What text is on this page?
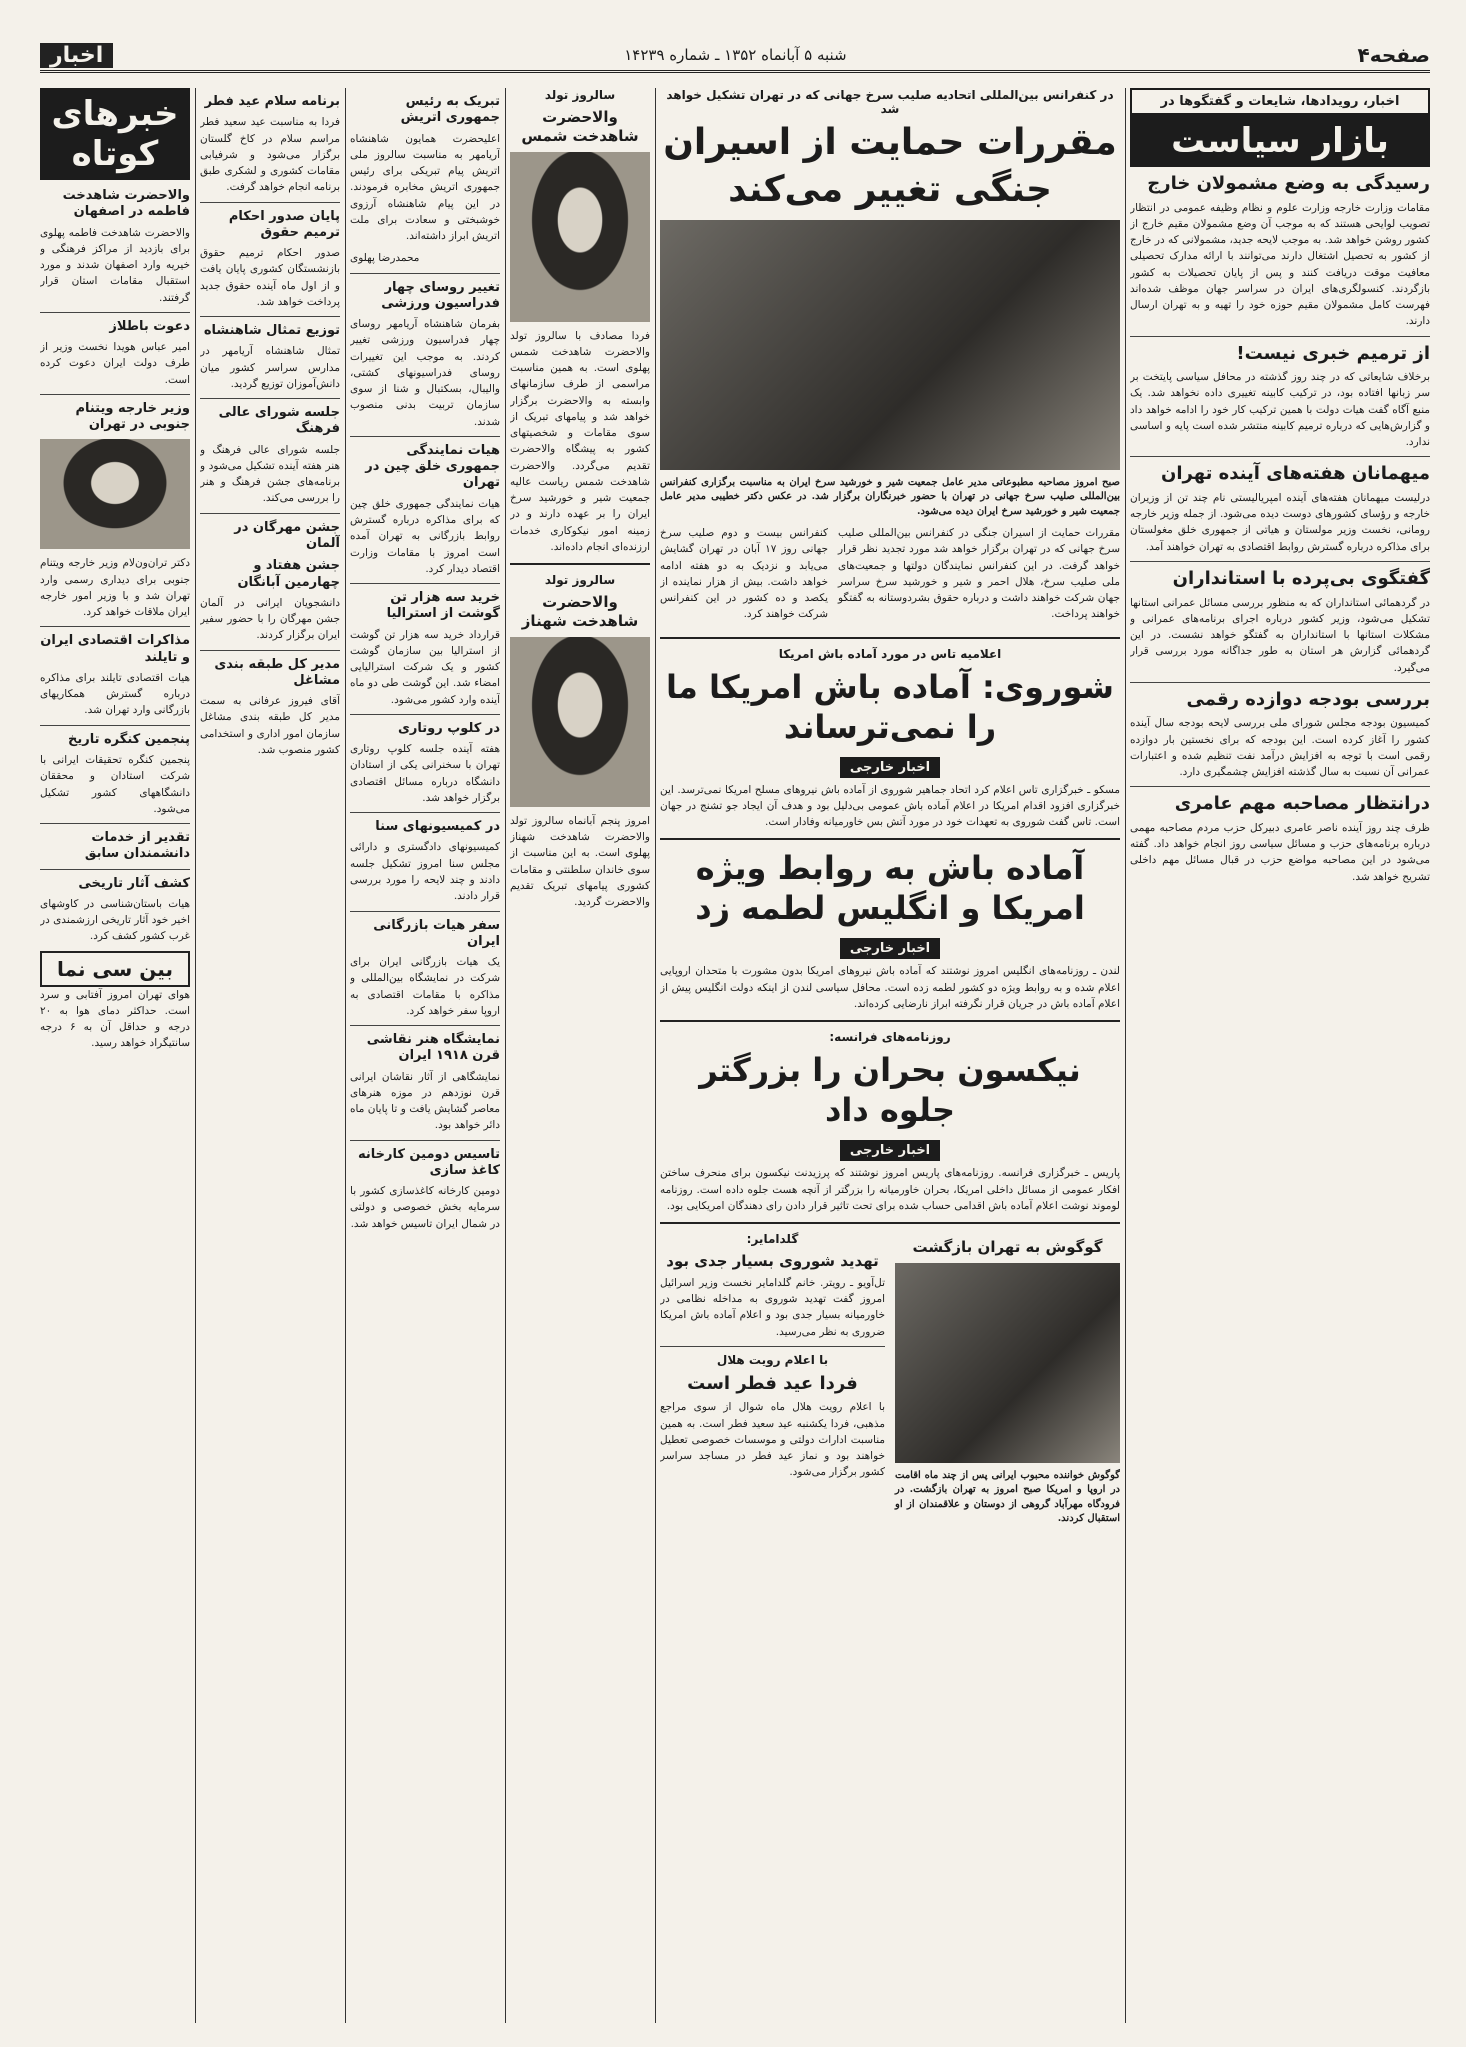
صفحه۴
شنبه ۵ آبانماه ۱۳۵۲ ـ شماره ۱۴۲۳۹
اخبار
اخبار، رویدادها، شایعات و گفتگوها در
بازار سیاست
رسیدگی به وضع مشمولان خارج

مقامات وزارت خارجه وزارت علوم و نظام وظیفه عمومی در انتظار تصویب لوایحی هستند که به موجب آن وضع مشمولان مقیم خارج از کشور روشن خواهد شد. به موجب لایحه جدید، مشمولانی که در خارج از کشور به تحصیل اشتغال دارند می‌توانند با ارائه مدارک تحصیلی معافیت موقت دریافت کنند و پس از پایان تحصیلات به کشور بازگردند. کنسولگری‌های ایران در سراسر جهان موظف شده‌اند فهرست کامل مشمولان مقیم حوزه خود را تهیه و به تهران ارسال دارند.

از ترمیم خبری نیست!

برخلاف شایعاتی که در چند روز گذشته در محافل سیاسی پایتخت بر سر زبانها افتاده بود، در ترکیب کابینه تغییری داده نخواهد شد. یک منبع آگاه گفت هیات دولت با همین ترکیب کار خود را ادامه خواهد داد و گزارش‌هایی که درباره ترمیم کابینه منتشر شده است پایه و اساسی ندارد.

میهمانان هفته‌های آینده تهران

درلیست میهمانان هفته‌های آینده امپریالیستی نام چند تن از وزیران خارجه و رؤسای کشورهای دوست دیده می‌شود. از جمله وزیر خارجه رومانی، نخست وزیر مولستان و هیاتی از جمهوری خلق مغولستان برای مذاکره درباره گسترش روابط اقتصادی به تهران خواهند آمد.

گفتگوی بی‌پرده با استانداران

در گردهمائی استانداران که به منظور بررسی مسائل عمرانی استانها تشکیل می‌شود، وزیر کشور درباره اجرای برنامه‌های عمرانی و مشکلات استانها با استانداران به گفتگو خواهد نشست. در این گردهمائی گزارش هر استان به طور جداگانه مورد بررسی قرار می‌گیرد.

بررسی بودجه دوازده رقمی

کمیسیون بودجه مجلس شورای ملی بررسی لایحه بودجه سال آینده کشور را آغاز کرده است. این بودجه که برای نخستین بار دوازده رقمی است با توجه به افزایش درآمد نفت تنظیم شده و اعتبارات عمرانی آن نسبت به سال گذشته افزایش چشمگیری دارد.

درانتظار مصاحبه مهم عامری

ظرف چند روز آینده ناصر عامری دبیرکل حزب مردم مصاحبه مهمی درباره برنامه‌های حزب و مسائل سیاسی روز انجام خواهد داد. گفته می‌شود در این مصاحبه مواضع حزب در قبال مسائل مهم داخلی تشریح خواهد شد.

در کنفرانس بین‌المللی اتحادیه صلیب سرخ جهانی که در تهران تشکیل خواهد شد
مقررات حمایت از اسیران جنگی تغییر می‌کند

صبح امروز مصاحبه مطبوعاتی مدیر عامل جمعیت شیر و خورشید سرخ ایران به مناسبت برگزاری کنفرانس بین‌المللی صلیب سرخ جهانی در تهران با حضور خبرنگاران برگزار شد. در عکس دکتر خطیبی مدیر عامل جمعیت شیر و خورشید سرخ ایران دیده می‌شود.

مقررات حمایت از اسیران جنگی در کنفرانس بین‌المللی صلیب سرخ جهانی که در تهران برگزار خواهد شد مورد تجدید نظر قرار خواهد گرفت. در این کنفرانس نمایندگان دولتها و جمعیت‌های ملی صلیب سرخ، هلال احمر و شیر و خورشید سرخ سراسر جهان شرکت خواهند داشت و درباره حقوق بشردوستانه به گفتگو خواهند پرداخت.

کنفرانس بیست و دوم صلیب سرخ جهانی روز ۱۷ آبان در تهران گشایش می‌یابد و نزدیک به دو هفته ادامه خواهد داشت. بیش از هزار نماینده از یکصد و ده کشور در این کنفرانس شرکت خواهند کرد.

اعلامیه تاس در مورد آماده باش امریکا
شوروی: آماده باش امریکا ما را نمی‌ترساند
اخبار خارجی

مسکو ـ خبرگزاری تاس اعلام کرد اتحاد جماهیر شوروی از آماده باش نیروهای مسلح امریکا نمی‌ترسد. این خبرگزاری افزود اقدام امریکا در اعلام آماده باش عمومی بی‌دلیل بود و هدف آن ایجاد جو تشنج در جهان است. تاس گفت شوروی به تعهدات خود در مورد آتش بس خاورمیانه وفادار است.

آماده باش به روابط ویژه امریکا و انگلیس لطمه زد
اخبار خارجی

لندن ـ روزنامه‌های انگلیس امروز نوشتند که آماده باش نیروهای امریکا بدون مشورت با متحدان اروپایی اعلام شده و به روابط ویژه دو کشور لطمه زده است. محافل سیاسی لندن از اینکه دولت انگلیس پیش از اعلام آماده باش در جریان قرار نگرفته ابراز نارضایی کرده‌اند.

روزنامه‌های فرانسه:
نیکسون بحران را بزرگتر جلوه داد
اخبار خارجی

پاریس ـ خبرگزاری فرانسه. روزنامه‌های پاریس امروز نوشتند که پرزیدنت نیکسون برای منحرف ساختن افکار عمومی از مسائل داخلی امریکا، بحران خاورمیانه را بزرگتر از آنچه هست جلوه داده است. روزنامه لوموند نوشت اعلام آماده باش اقدامی حساب شده برای تحت تاثیر قرار دادن رای دهندگان امریکایی بود.

گوگوش به تهران بازگشت

گوگوش خواننده محبوب ایرانی پس از چند ماه اقامت در اروپا و امریکا صبح امروز به تهران بازگشت. در فرودگاه مهرآباد گروهی از دوستان و علاقمندان از او استقبال کردند.

گلدامایر:
تهدید شوروی بسیار جدی بود

تل‌آویو ـ رویتر. خانم گلدامایر نخست وزیر اسرائیل امروز گفت تهدید شوروی به مداخله نظامی در خاورمیانه بسیار جدی بود و اعلام آماده باش امریکا ضروری به نظر می‌رسید.

با اعلام رویت هلال
فردا عید فطر است

با اعلام رویت هلال ماه شوال از سوی مراجع مذهبی، فردا یکشنبه عید سعید فطر است. به همین مناسبت ادارات دولتی و موسسات خصوصی تعطیل خواهند بود و نماز عید فطر در مساجد سراسر کشور برگزار می‌شود.

سالروز تولد
والاحضرت شاهدخت شمس

فردا مصادف با سالروز تولد والاحضرت شاهدخت شمس پهلوی است. به همین مناسبت مراسمی از طرف سازمانهای وابسته به والاحضرت برگزار خواهد شد و پیامهای تبریک از سوی مقامات و شخصیتهای کشور به پیشگاه والاحضرت تقدیم می‌گردد. والاحضرت شاهدخت شمس ریاست عالیه جمعیت شیر و خورشید سرخ ایران را بر عهده دارند و در زمینه امور نیکوکاری خدمات ارزنده‌ای انجام داده‌اند.

سالروز تولد
والاحضرت شاهدخت شهناز

امروز پنجم آبانماه سالروز تولد والاحضرت شاهدخت شهناز پهلوی است. به این مناسبت از سوی خاندان سلطنتی و مقامات کشوری پیامهای تبریک تقدیم والاحضرت گردید.

تبریک به رئیس جمهوری اتریش

اعلیحضرت همایون شاهنشاه آریامهر به مناسبت سالروز ملی اتریش پیام تبریکی برای رئیس جمهوری اتریش مخابره فرمودند. در این پیام شاهنشاه آرزوی خوشبختی و سعادت برای ملت اتریش ابراز داشته‌اند.

محمدرضا پهلوی

تغییر روسای چهار فدراسیون ورزشی

بفرمان شاهنشاه آریامهر روسای چهار فدراسیون ورزشی تغییر کردند. به موجب این تغییرات روسای فدراسیونهای کشتی، والیبال، بسکتبال و شنا از سوی سازمان تربیت بدنی منصوب شدند.

هیات نمایندگی جمهوری خلق چین در تهران

هیات نمایندگی جمهوری خلق چین که برای مذاکره درباره گسترش روابط بازرگانی به تهران آمده است امروز با مقامات وزارت اقتصاد دیدار کرد.

خرید سه هزار تن گوشت از استرالیا

قرارداد خرید سه هزار تن گوشت از استرالیا بین سازمان گوشت کشور و یک شرکت استرالیایی امضاء شد. این گوشت طی دو ماه آینده وارد کشور می‌شود.

در کلوپ روتاری

هفته آینده جلسه کلوپ روتاری تهران با سخنرانی یکی از استادان دانشگاه درباره مسائل اقتصادی برگزار خواهد شد.

در کمیسیونهای سنا

کمیسیونهای دادگستری و دارائی مجلس سنا امروز تشکیل جلسه دادند و چند لایحه را مورد بررسی قرار دادند.

سفر هیات بازرگانی ایران

یک هیات بازرگانی ایران برای شرکت در نمایشگاه بین‌المللی و مذاکره با مقامات اقتصادی به اروپا سفر خواهد کرد.

نمایشگاه هنر نقاشی قرن ۱۹۱۸ ایران

نمایشگاهی از آثار نقاشان ایرانی قرن نوزدهم در موزه هنرهای معاصر گشایش یافت و تا پایان ماه دائر خواهد بود.

تاسیس دومین کارخانه کاغذ سازی

دومین کارخانه کاغذسازی کشور با سرمایه بخش خصوصی و دولتی در شمال ایران تاسیس خواهد شد.

برنامه سلام عید فطر

فردا به مناسبت عید سعید فطر مراسم سلام در کاخ گلستان برگزار می‌شود و شرفیابی مقامات کشوری و لشکری طبق برنامه انجام خواهد گرفت.

پایان صدور احکام ترمیم حقوق

صدور احکام ترمیم حقوق بازنشستگان کشوری پایان یافت و از اول ماه آینده حقوق جدید پرداخت خواهد شد.

توزیع تمثال شاهنشاه

تمثال شاهنشاه آریامهر در مدارس سراسر کشور میان دانش‌آموزان توزیع گردید.

جلسه شورای‌ عالی فرهنگ

جلسه شورای عالی فرهنگ و هنر هفته آینده تشکیل می‌شود و برنامه‌های جشن فرهنگ و هنر را بررسی می‌کند.

جشن مهرگان در آلمان
جشن هفتاد و چهارمین آبانگان

دانشجویان ایرانی در آلمان جشن مهرگان را با حضور سفیر ایران برگزار کردند.

مدیر کل طبقه بندی مشاغل

آقای فیروز عرفانی به سمت مدیر کل طبقه بندی مشاغل سازمان امور اداری و استخدامی کشور منصوب شد.

خبرهای کوتاه
والاحضرت شاهدخت فاطمه در اصفهان

والاحضرت شاهدخت فاطمه پهلوی برای بازدید از مراکز فرهنگی و خیریه وارد اصفهان شدند و مورد استقبال مقامات استان قرار گرفتند.

دعوت باطلاز

امیر عباس هویدا نخست وزیر از طرف دولت ایران دعوت کرده است.

وزیر خارجه ویتنام جنوبی در تهران

دکتر تران‌ون‌لام وزیر خارجه ویتنام جنوبی برای دیداری رسمی وارد تهران شد و با وزیر امور خارجه ایران ملاقات خواهد کرد.

مذاکرات اقتصادی ایران و تایلند

هیات اقتصادی تایلند برای مذاکره درباره گسترش همکاریهای بازرگانی وارد تهران شد.

پنجمین کنگره تاریخ

پنجمین کنگره تحقیقات ایرانی با شرکت استادان و محققان دانشگاههای کشور تشکیل می‌شود.

تقدیر از خدمات دانشمندان سابق
کشف آثار تاریخی

هیات باستان‌شناسی در کاوشهای اخیر خود آثار تاریخی ارزشمندی در غرب کشور کشف کرد.

بین سی نما

هوای تهران امروز آفتابی و سرد است. حداکثر دمای هوا به ۲۰ درجه و حداقل آن به ۶ درجه سانتیگراد خواهد رسید.
